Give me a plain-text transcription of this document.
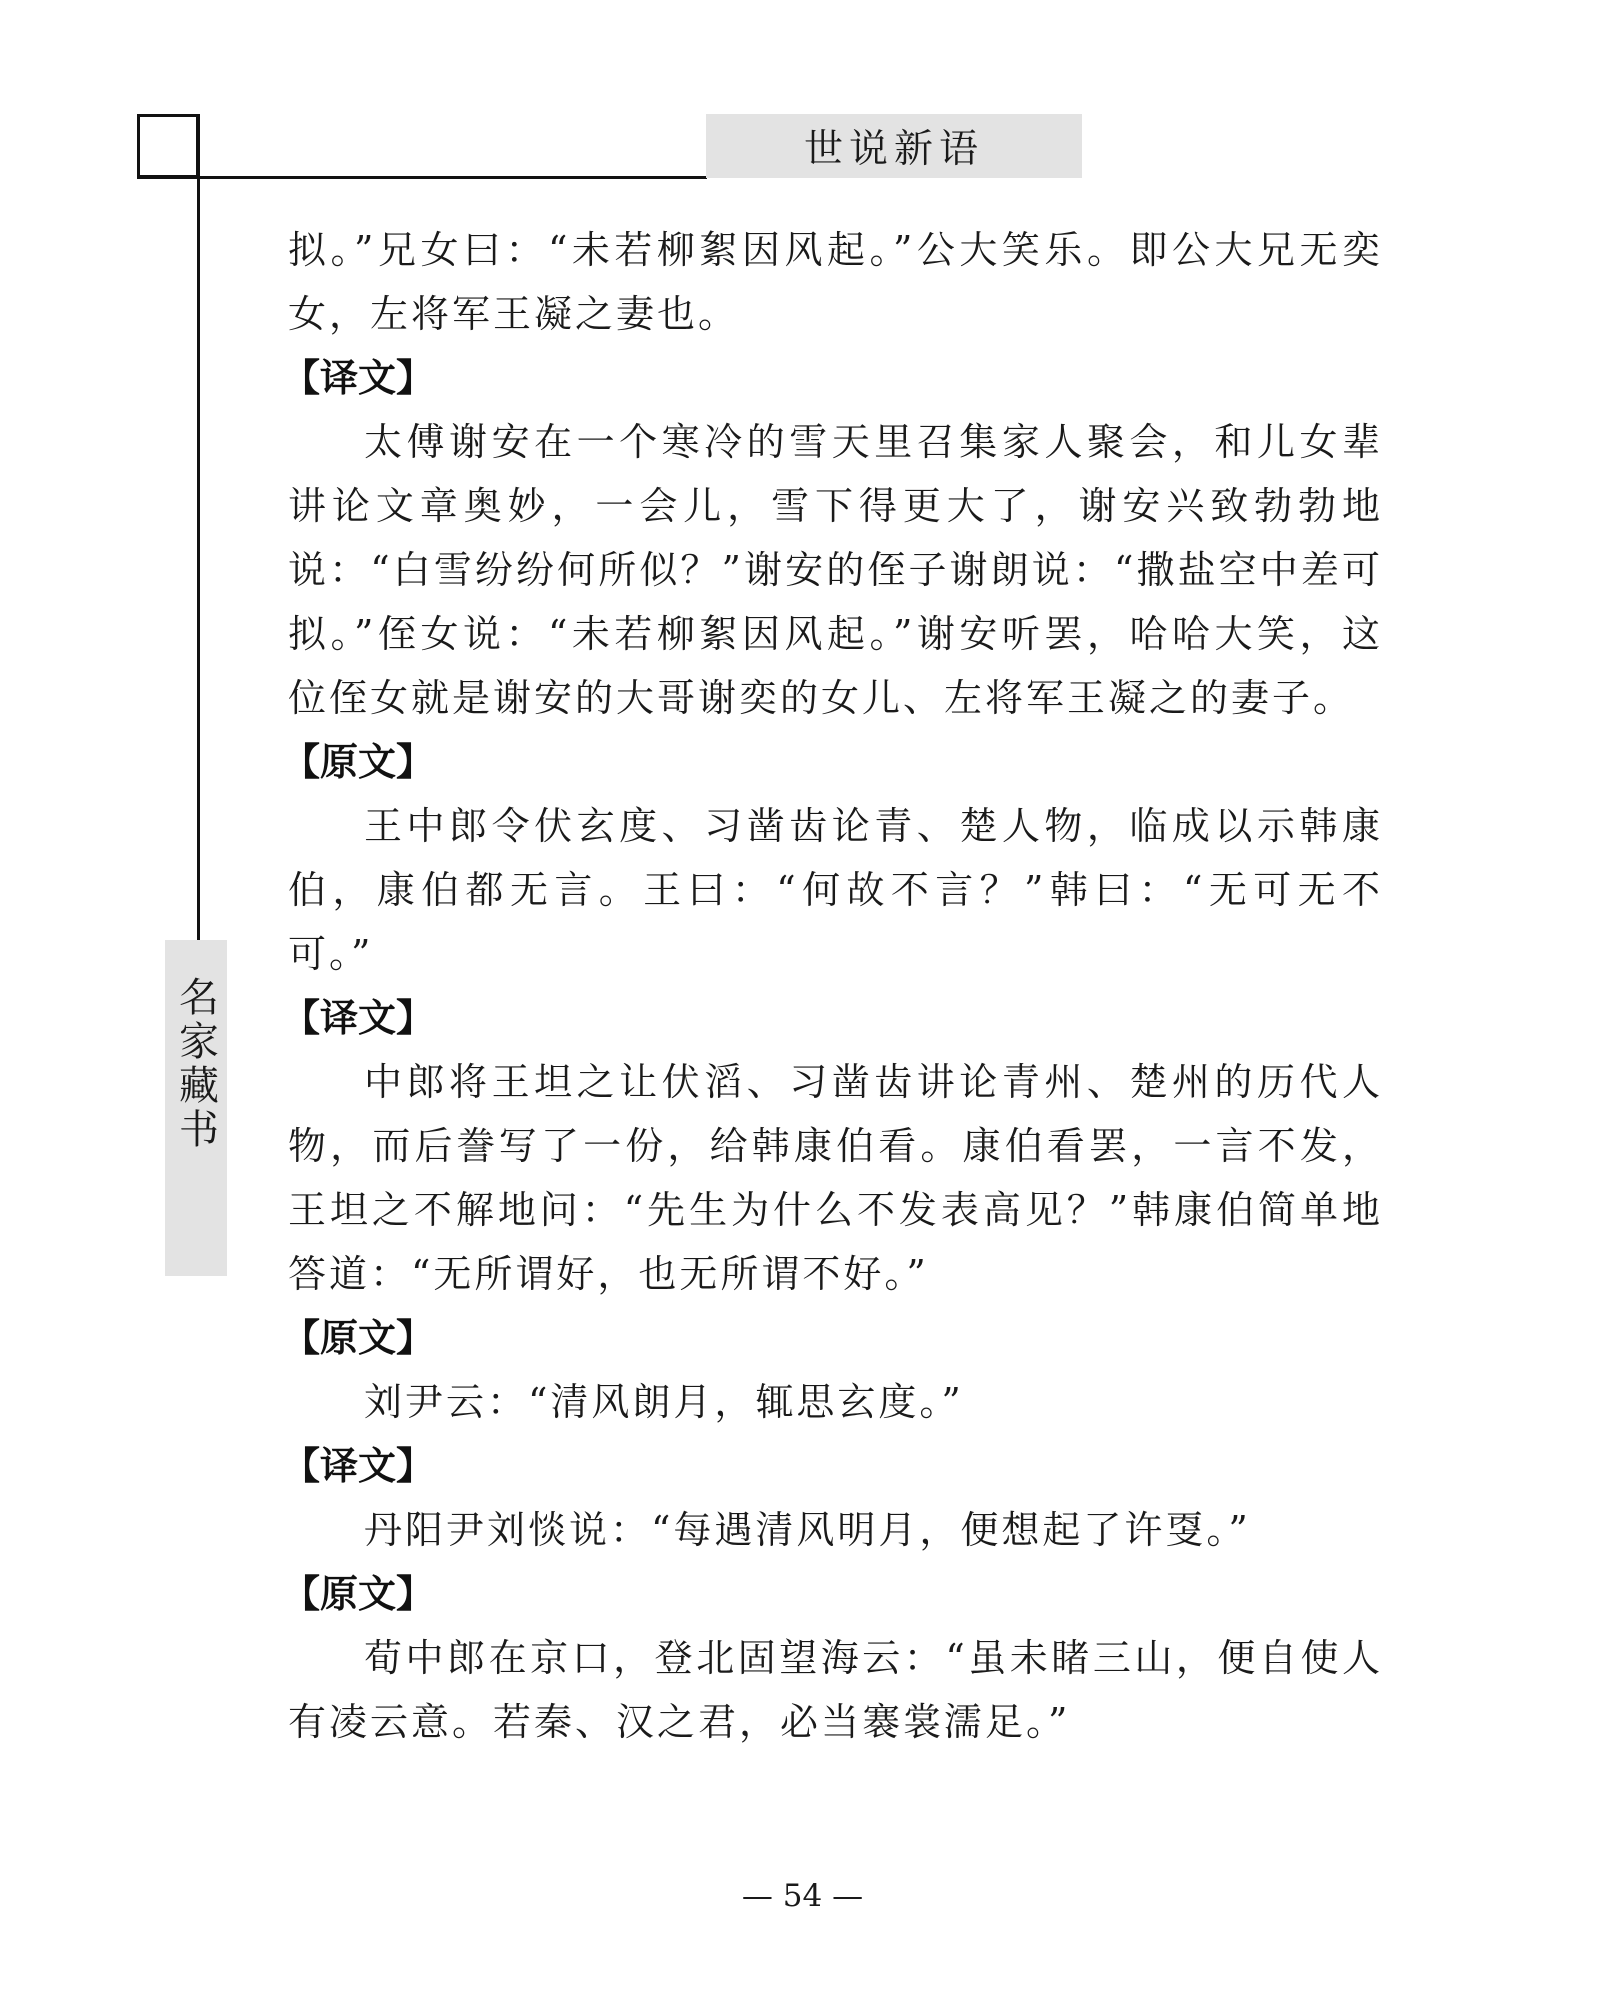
世说新语
名家藏书

拟。”兄女曰：“未若柳絮因风起。”公大笑乐。即公大兄无奕女，左将军王凝之妻也。

【译文】

太傅谢安在一个寒冷的雪天里召集家人聚会，和儿女辈讲论文章奥妙，一会儿，雪下得更大了，谢安兴致勃勃地说：“白雪纷纷何所似？”谢安的侄子谢朗说：“撒盐空中差可拟。”侄女说：“未若柳絮因风起。”谢安听罢，哈哈大笑，这位侄女就是谢安的大哥谢奕的女儿、左将军王凝之的妻子。

【原文】

王中郎令伏玄度、习凿齿论青、楚人物，临成以示韩康伯，康伯都无言。王曰：“何故不言？”韩曰：“无可无不可。”

【译文】

中郎将王坦之让伏滔、习凿齿讲论青州、楚州的历代人物，而后誊写了一份，给韩康伯看。康伯看罢，一言不发，王坦之不解地问：“先生为什么不发表高见？”韩康伯简单地答道：“无所谓好，也无所谓不好。”

【原文】

刘尹云：“清风朗月，辄思玄度。”

【译文】

丹阳尹刘惔说：“每遇清风明月，便想起了许㪅。”

【原文】

荀中郎在京口，登北固望海云：“虽未睹三山，便自使人有凌云意。若秦、汉之君，必当褰裳濡足。”

— 54 —
